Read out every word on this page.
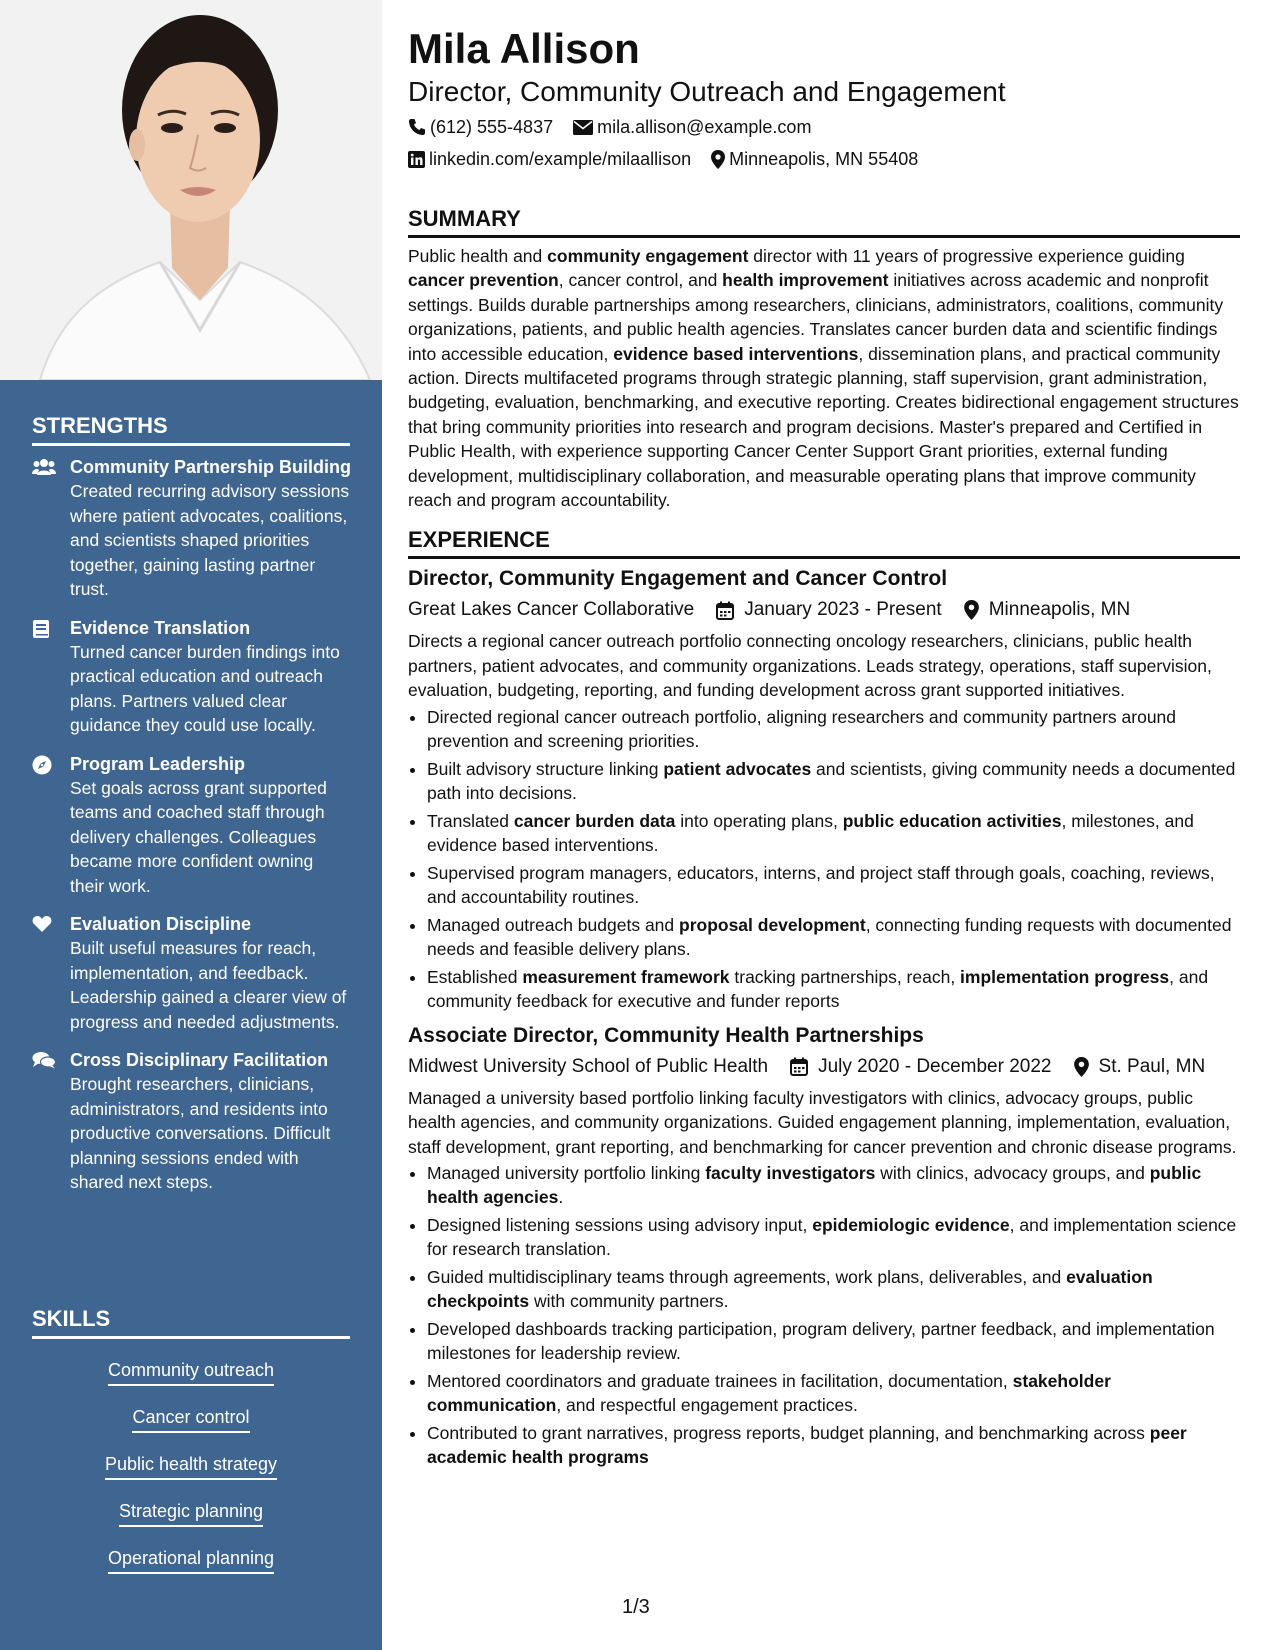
STRENGTHS
Community Partnership Building
Created recurring advisory sessions where patient advocates, coalitions, and scientists shaped priorities together, gaining lasting partner trust.
Evidence Translation
Turned cancer burden findings into practical education and outreach plans. Partners valued clear guidance they could use locally.
Program Leadership
Set goals across grant supported teams and coached staff through delivery challenges. Colleagues became more confident owning their work.
Evaluation Discipline
Built useful measures for reach, implementation, and feedback. Leadership gained a clearer view of progress and needed adjustments.
Cross Disciplinary Facilitation
Brought researchers, clinicians, administrators, and residents into productive conversations. Difficult planning sessions ended with shared next steps.
SKILLS
Community outreach
Cancer control
Public health strategy
Strategic planning
Operational planning
Mila Allison
Director, Community Outreach and Engagement
(612) 555-4837 mila.allison@example.com
linkedin.com/example/milaallison Minneapolis, MN 55408
SUMMARY
Public health and community engagement director with 11 years of progressive experience guiding cancer prevention, cancer control, and health improvement initiatives across academic and nonprofit settings. Builds durable partnerships among researchers, clinicians, administrators, coalitions, community organizations, patients, and public health agencies. Translates cancer burden data and scientific findings into accessible education, evidence based interventions, dissemination plans, and practical community action. Directs multifaceted programs through strategic planning, staff supervision, grant administration, budgeting, evaluation, benchmarking, and executive reporting. Creates bidirectional engagement structures that bring community priorities into research and program decisions. Master's prepared and Certified in Public Health, with experience supporting Cancer Center Support Grant priorities, external funding development, multidisciplinary collaboration, and measurable operating plans that improve community reach and program accountability.
EXPERIENCE
Director, Community Engagement and Cancer Control
Great Lakes Cancer Collaborative	January 2023 - Present Minneapolis, MN
Directs a regional cancer outreach portfolio connecting oncology researchers, clinicians, public health partners, patient advocates, and community organizations. Leads strategy, operations, staff supervision, evaluation, budgeting, reporting, and funding development across grant supported initiatives.
• Directed regional cancer outreach portfolio, aligning researchers and community partners around prevention and screening priorities.
• Built advisory structure linking patient advocates and scientists, giving community needs a documented path into decisions.
• Translated cancer burden data into operating plans, public education activities, milestones, and evidence based interventions.
• Supervised program managers, educators, interns, and project staff through goals, coaching, reviews, and accountability routines.
• Managed outreach budgets and proposal development, connecting funding requests with documented needs and feasible delivery plans.
• Established measurement framework tracking partnerships, reach, implementation progress, and community feedback for executive and funder reports
Associate Director, Community Health Partnerships
Midwest University School of Public Health	July 2020 - December 2022 St. Paul, MN
Managed a university based portfolio linking faculty investigators with clinics, advocacy groups, public health agencies, and community organizations. Guided engagement planning, implementation, evaluation, staff development, grant reporting, and benchmarking for cancer prevention and chronic disease programs.
• Managed university portfolio linking faculty investigators with clinics, advocacy groups, and public health agencies.
• Designed listening sessions using advisory input, epidemiologic evidence, and implementation science for research translation.
• Guided multidisciplinary teams through agreements, work plans, deliverables, and evaluation checkpoints with community partners.
• Developed dashboards tracking participation, program delivery, partner feedback, and implementation milestones for leadership review.
• Mentored coordinators and graduate trainees in facilitation, documentation, stakeholder communication, and respectful engagement practices.
• Contributed to grant narratives, progress reports, budget planning, and benchmarking across peer academic health programs
1/3
